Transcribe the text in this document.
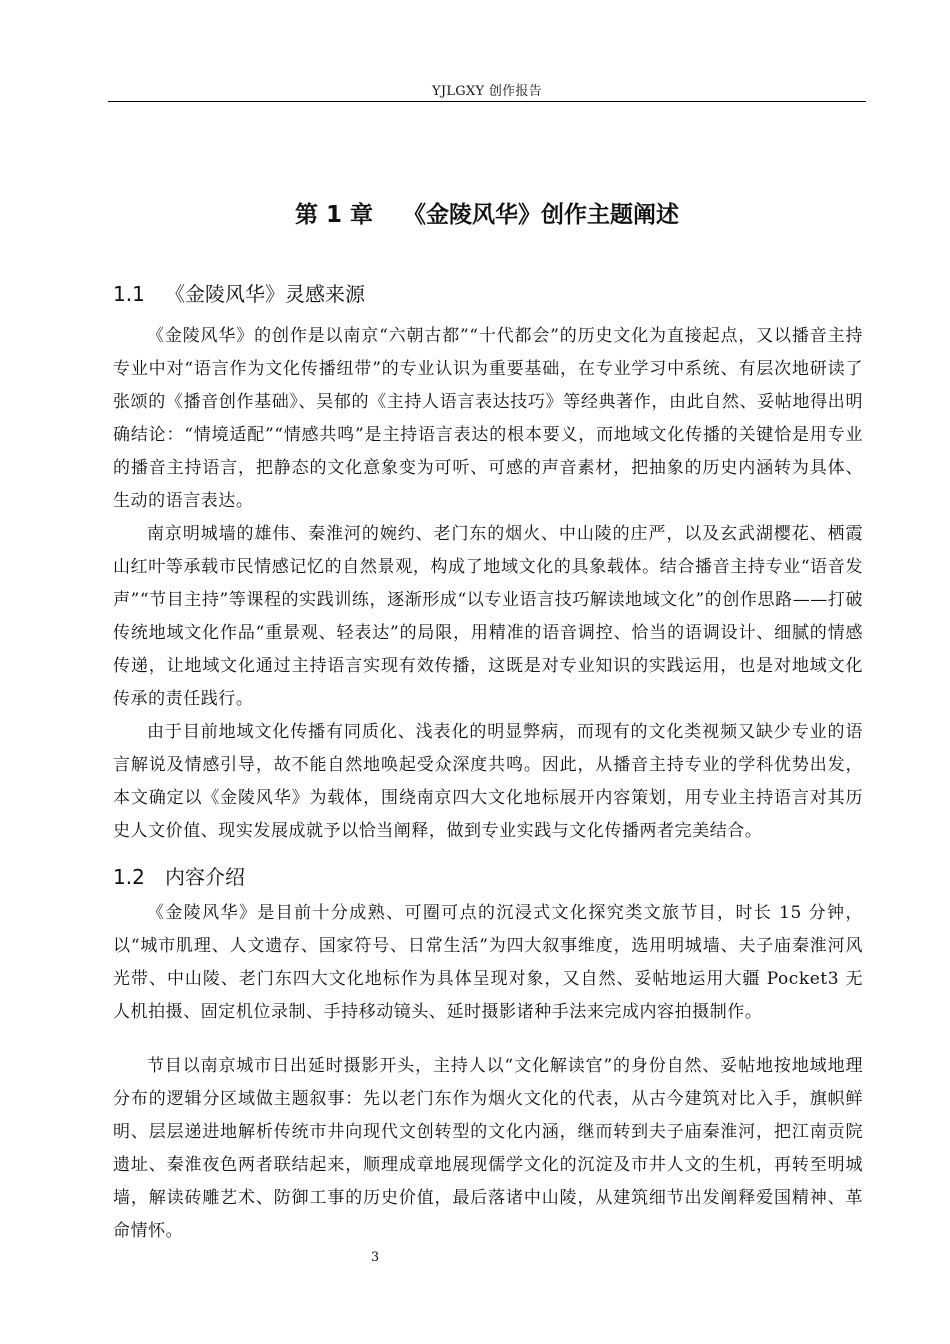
YJLGXY 创作报告
第 1 章 《金陵风华》创作主题阐述
1.1 《金陵风华》灵感来源

《金陵风华》的创作是以南京“六朝古都”“十代都会”的历史文化为直接起点，又以播音主持专业中对“语言作为文化传播纽带”的专业认识为重要基础，在专业学习中系统、有层次地研读了张颂的《播音创作基础》、吴郁的《主持人语言表达技巧》等经典著作，由此自然、妥帖地得出明确结论：“情境适配”“情感共鸣”是主持语言表达的根本要义，而地域文化传播的关键恰是用专业的播音主持语言，把静态的文化意象变为可听、可感的声音素材，把抽象的历史内涵转为具体、生动的语言表达。

南京明城墙的雄伟、秦淮河的婉约、老门东的烟火、中山陵的庄严，以及玄武湖樱花、栖霞山红叶等承载市民情感记忆的自然景观，构成了地域文化的具象载体。结合播音主持专业“语音发声”“节目主持”等课程的实践训练，逐渐形成“以专业语言技巧解读地域文化”的创作思路——打破传统地域文化作品“重景观、轻表达”的局限，用精准的语音调控、恰当的语调设计、细腻的情感传递，让地域文化通过主持语言实现有效传播，这既是对专业知识的实践运用，也是对地域文化传承的责任践行。

由于目前地域文化传播有同质化、浅表化的明显弊病，而现有的文化类视频又缺少专业的语言解说及情感引导，故不能自然地唤起受众深度共鸣。因此，从播音主持专业的学科优势出发，本文确定以《金陵风华》为载体，围绕南京四大文化地标展开内容策划，用专业主持语言对其历史人文价值、现实发展成就予以恰当阐释，做到专业实践与文化传播两者完美结合。

1.2 内容介绍

《金陵风华》是目前十分成熟、可圈可点的沉浸式文化探究类文旅节目，时长 15 分钟，以“城市肌理、人文遗存、国家符号、日常生活”为四大叙事维度，选用明城墙、夫子庙秦淮河风光带、中山陵、老门东四大文化地标作为具体呈现对象，又自然、妥帖地运用大疆 Pocket3 无人机拍摄、固定机位录制、手持移动镜头、延时摄影诸种手法来完成内容拍摄制作。

节目以南京城市日出延时摄影开头，主持人以“文化解读官”的身份自然、妥帖地按地域地理分布的逻辑分区域做主题叙事：先以老门东作为烟火文化的代表，从古今建筑对比入手，旗帜鲜明、层层递进地解析传统市井向现代文创转型的文化内涵，继而转到夫子庙秦淮河，把江南贡院遗址、秦淮夜色两者联结起来，顺理成章地展现儒学文化的沉淀及市井人文的生机，再转至明城墙，解读砖雕艺术、防御工事的历史价值，最后落诸中山陵，从建筑细节出发阐释爱国精神、革命情怀。

3
